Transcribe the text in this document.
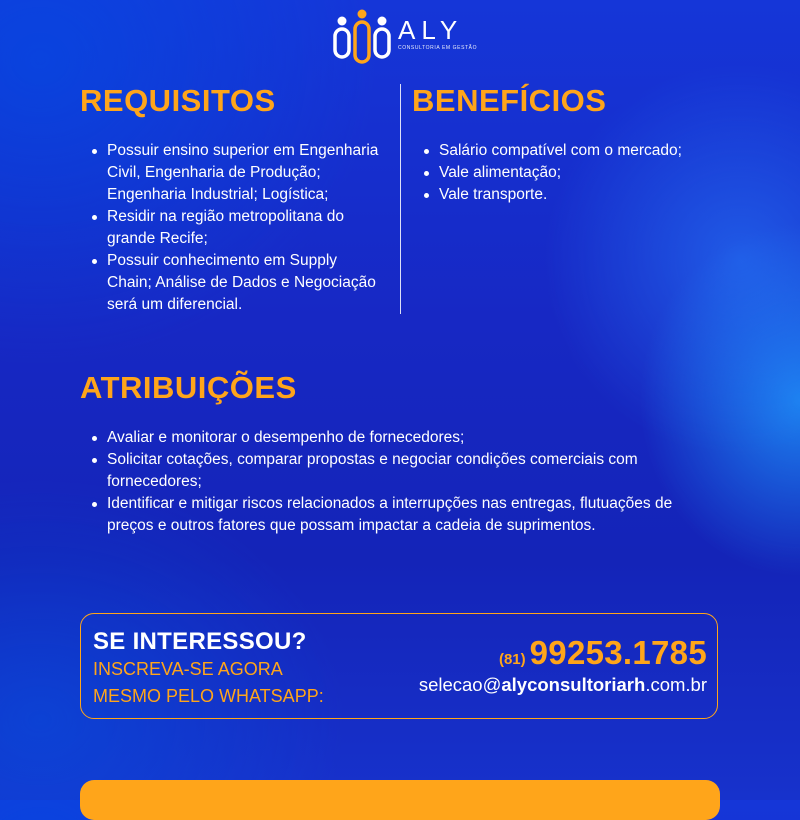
ALY
CONSULTORIA EM GESTÃO
REQUISITOS
Possuir ensino superior em Engenharia Civil, Engenharia de Produção; Engenharia Industrial; Logística;
Residir na região metropolitana do grande Recife;
Possuir conhecimento em Supply Chain; Análise de Dados e Negociação será um diferencial.
BENEFÍCIOS
Salário compatível com o mercado;
Vale alimentação;
Vale transporte.
ATRIBUIÇÕES
Avaliar e monitorar o desempenho de fornecedores;
Solicitar cotações, comparar propostas e negociar condições comerciais com fornecedores;
Identificar e mitigar riscos relacionados a interrupções nas entregas, flutuações de preços e outros fatores que possam impactar a cadeia de suprimentos.
SE INTERESSOU?
INSCREVA-SE AGORA
MESMO PELO WHATSAPP:
(81) 99253.1785
selecao@alyconsultoriarh.com.br
